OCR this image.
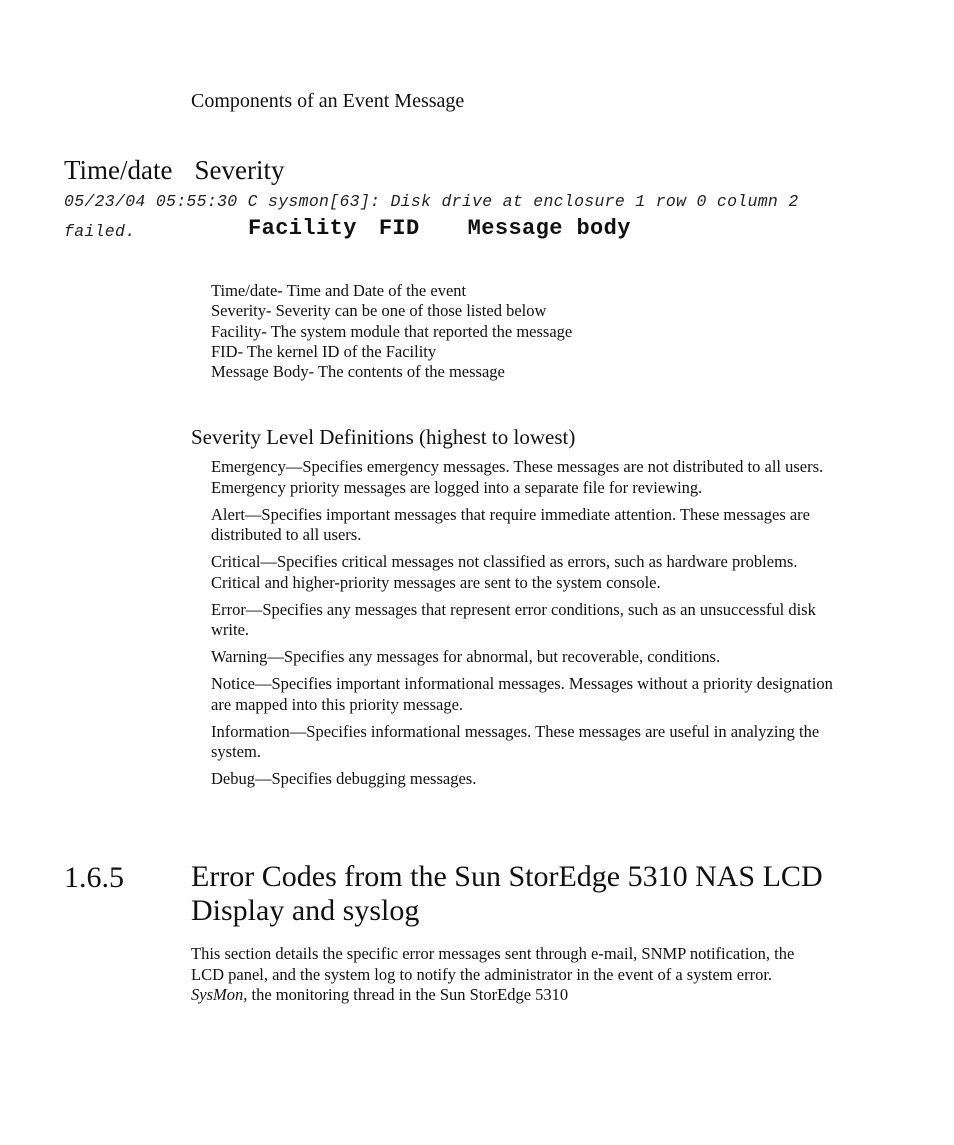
Components of an Event Message
Time/date Severity
05/23/04 05:55:30 C sysmon[63]: Disk drive at enclosure 1 row 0 column 2
failed.	Facility FID Message body
Time/date- Time and Date of the event
Severity- Severity can be one of those listed below
Facility- The system module that reported the message
FID- The kernel ID of the Facility
Message Body- The contents of the message
Severity Level Definitions (highest to lowest)

Emergency—Specifies emergency messages. These messages are not distributed to all users. Emergency priority messages are logged into a separate file for reviewing.

Alert—Specifies important messages that require immediate attention. These messages are distributed to all users.

Critical—Specifies critical messages not classified as errors, such as hardware problems. Critical and higher-priority messages are sent to the system console.

Error—Specifies any messages that represent error conditions, such as an unsuccessful disk write.

Warning—Specifies any messages for abnormal, but recoverable, conditions.

Notice—Specifies important informational messages. Messages without a priority designation are mapped into this priority message.

Information—Specifies informational messages. These messages are useful in analyzing the system.

Debug—Specifies debugging messages.

1.6.5 Error Codes from the Sun StorEdge 5310 NAS LCD Display and syslog
This section details the specific error messages sent through e-mail, SNMP notification, the LCD panel, and the system log to notify the administrator in the event of a system error. SysMon, the monitoring thread in the Sun StorEdge 5310
